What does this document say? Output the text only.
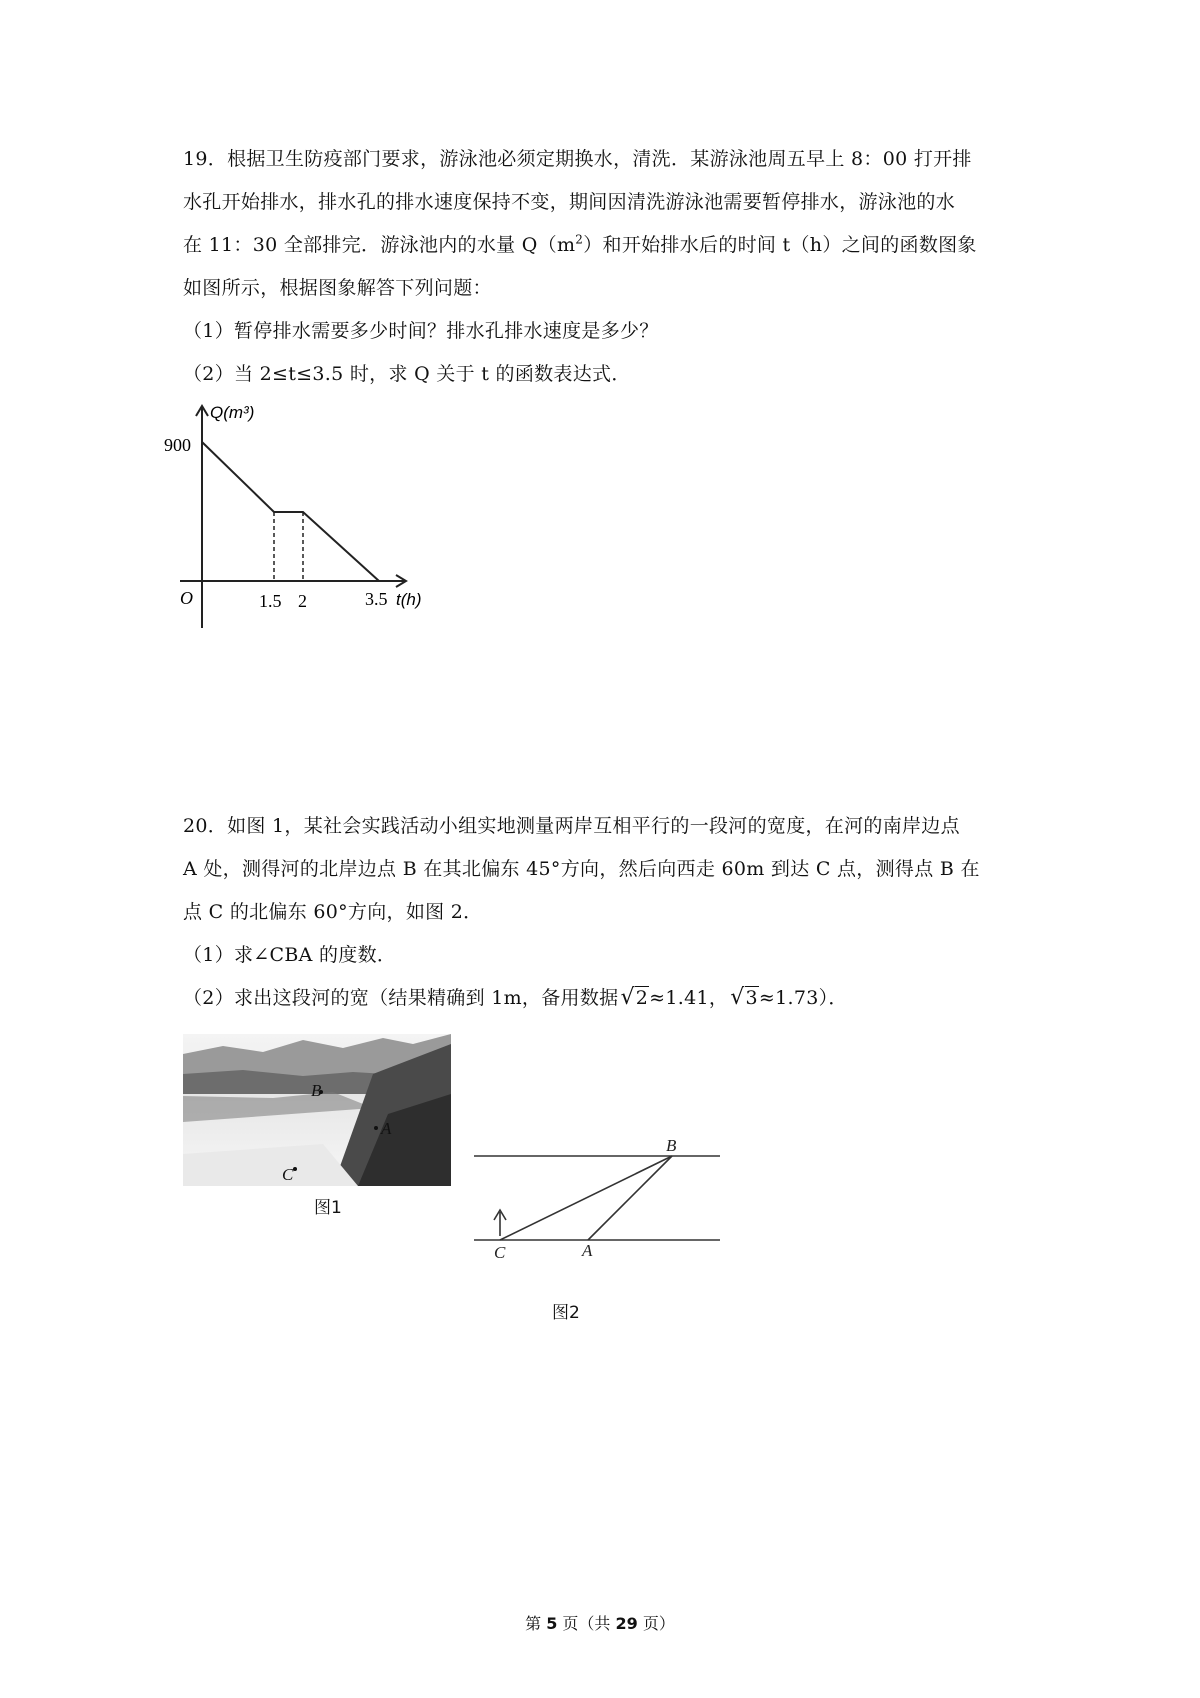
19．根据卫生防疫部门要求，游泳池必须定期换水，清洗．某游泳池周五早上 8：00 打开排
水孔开始排水，排水孔的排水速度保持不变，期间因清洗游泳池需要暂停排水，游泳池的水
在 11：30 全部排完．游泳池内的水量 $Q(m^2)$和开始排水后的时间 t（h）之间的函数图象
如图所示，根据图象解答下列问题：
（1）暂停排水需要多少时间？排水孔排水速度是多少？
（2）当 2≤t≤3.5 时，求 Q 关于 t 的函数表达式．
Q(m³)
900
O	1.5 2	3.5 t(h)
20．如图 1，某社会实践活动小组实地测量两岸互相平行的一段河的宽度，在河的南岸边点
A 处，测得河的北岸边点 B 在其北偏东 45°方向，然后向西走 60m 到达 C 点，测得点 B 在
点 C 的北偏东 60°方向，如图 2．
（1）求∠CBA 的度数．
（2）求出这段河的宽（结果精确到 1m，备用数据√2≈1.41，√3≈1.73）．
B
A
C
图1
B
C	A
图2
第 5 页（共 29 页）
